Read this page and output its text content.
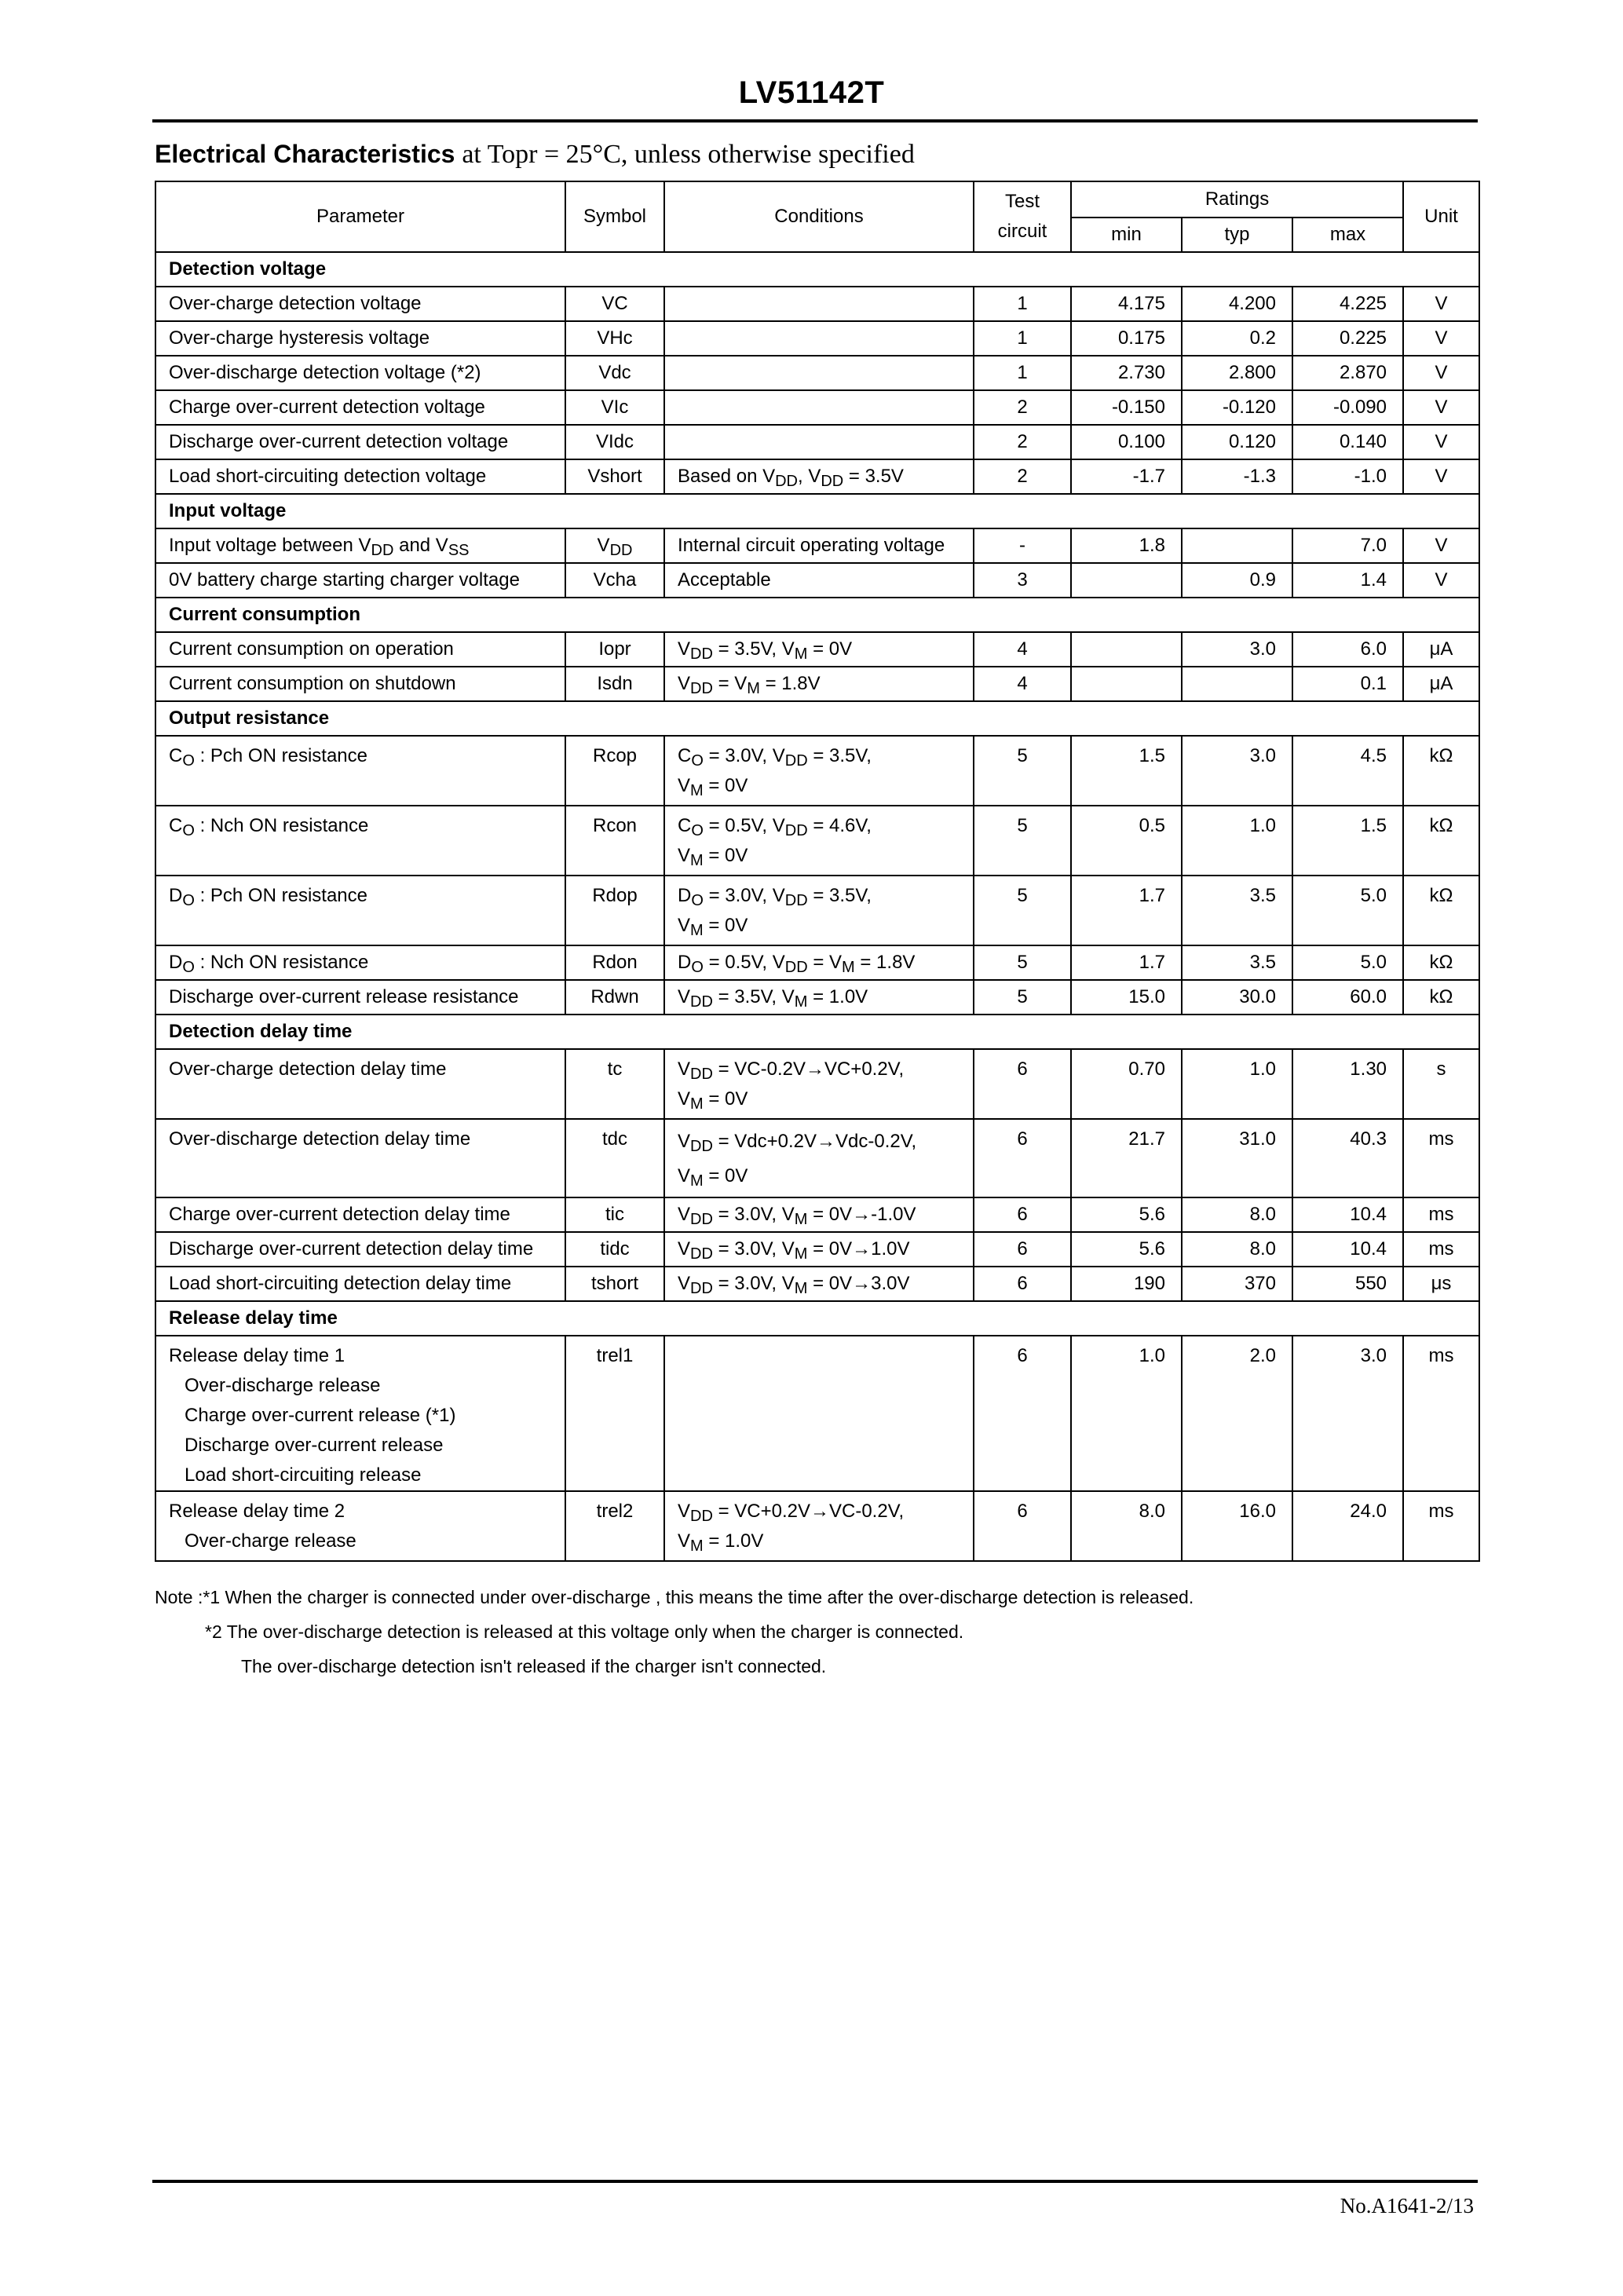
LV51142T
Electrical Characteristics at Topr = 25°C, unless otherwise specified
Parameter	Symbol	Conditions	Test
circuit	Ratings			Unit
				min	typ	max	
Detection voltage							
Over-charge detection voltage	VC		1	4.175	4.200	4.225	V
Over-charge hysteresis voltage	VHc		1	0.175	0.2	0.225	V
Over-discharge detection voltage (*2)	Vdc		1	2.730	2.800	2.870	V
Charge over-current detection voltage	VIc		2	-0.150	-0.120	-0.090	V
Discharge over-current detection voltage	VIdc		2	0.100	0.120	0.140	V
Load short-circuiting detection voltage	Vshort	Based on $V_{DD}$, $V_{DD} = 3.5V$	2	-1.7	-1.3	-1.0	V
Input voltage							
Input voltage between $V_{DD}$ and $V_{SS}$	$V_{DD}$	Internal circuit operating voltage	-	1.8		7.0	V
0V battery charge starting charger voltage	Vcha	Acceptable	3		0.9	1.4	V
Current consumption							
Current consumption on operation	Iopr	$V_{DD} = 3.5V$, $V_M = 0V$	4		3.0	6.0	μA
Current consumption on shutdown	Isdn	$V_{DD} = V_M = 1.8V$	4			0.1	μA
Output resistance							
$C_O$ : Pch ON resistance	Rcop	$C_O = 3.0V$, $V_{DD} = 3.5V$,
$V_M = 0V$	5	1.5	3.0	4.5	kΩ
$C_O$ : Nch ON resistance	Rcon	$C_O = 0.5V$, $V_{DD} = 4.6V$,
$V_M = 0V$	5	0.5	1.0	1.5	kΩ
$D_O$ : Pch ON resistance	Rdop	$D_O = 3.0V$, $V_{DD} = 3.5V$,
$V_M = 0V$	5	1.7	3.5	5.0	kΩ
$D_O$ : Nch ON resistance	Rdon	$D_O = 0.5V$, $V_{DD} = V_M = 1.8V$	5	1.7	3.5	5.0	kΩ
Discharge over-current release resistance	Rdwn	$V_{DD} = 3.5V$, $V_M = 1.0V$	5	15.0	30.0	60.0	kΩ
Detection delay time							
Over-charge detection delay time	tc	$V_{DD} = VC-0.2V\to VC+0.2V$,
$V_M = 0V$	6	0.70	1.0	1.30	s
Over-discharge detection delay time	tdc	$V_{DD} = Vdc+0.2V\to Vdc-0.2V$,
$V_M = 0V$	6	21.7	31.0	40.3	ms
Charge over-current detection delay time	tic	$V_{DD} = 3.0V$, $V_M = 0V\to-1.0V$	6	5.6	8.0	10.4	ms
Discharge over-current detection delay time	tidc	$V_{DD} = 3.0V$, $V_M = 0V\to 1.0V$	6	5.6	8.0	10.4	ms
Load short-circuiting detection delay time	tshort	$V_{DD} = 3.0V$, $V_M = 0V\to 3.0V$	6	190	370	550	μs
Release delay time							
Release delay time 1
Over-discharge release
Charge over-current release (*1)
Discharge over-current release
Load short-circuiting release	trel1		6	1.0	2.0	3.0	ms
Release delay time 2
Over-charge release	trel2	$V_{DD} = VC+0.2V\to VC-0.2V$,
$V_M = 1.0V$	6	8.0	16.0	24.0	ms
Note :*1 When the charger is connected under over-discharge , this means the time after the over-discharge detection is released.
*2 The over-discharge detection is released at this voltage only when the charger is connected.
The over-discharge detection isn't released if the charger isn't connected.
No.A1641-2/13
